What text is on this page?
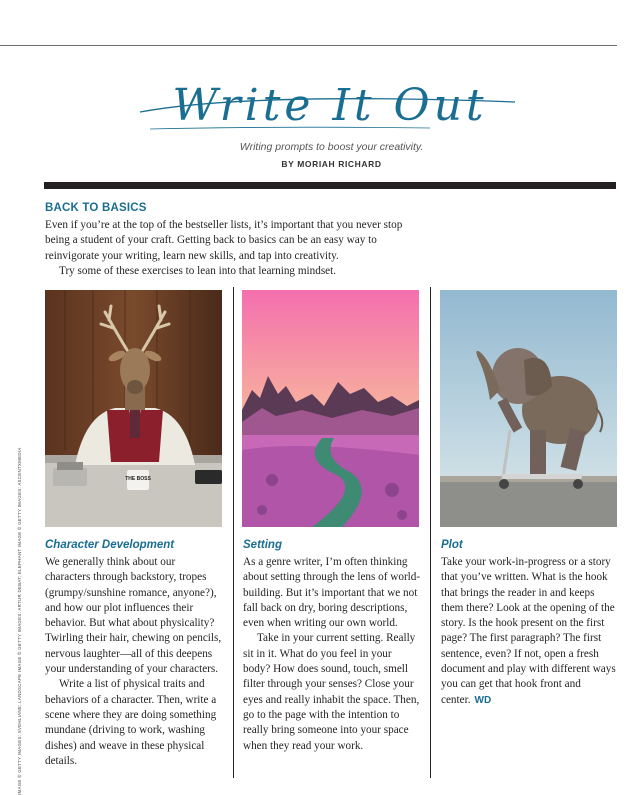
Write It Out
Writing prompts to boost your creativity.
BY MORIAH RICHARD
BACK TO BASICS

Even if you’re at the top of the bestseller lists, it’s important that you never stop being a student of your craft. Getting back to basics can be an easy way to reinvigorate your writing, learn new skills, and tap into creativity.

Try some of these exercises to lean into that learning mindset.

THE BOSS
Character Development

We generally think about our characters through backstory, tropes (grumpy/sunshine romance, anyone?), and how our plot influences their behavior. But what about physicality? Twirling their hair, chewing on pencils, nervous laughter—all of this deepens your understanding of your characters.

Write a list of physical traits and behaviors of a character. Then, write a scene where they are doing something mundane (driving to work, washing dishes) and weave in these physical details.

Setting

As a genre writer, I’m often thinking about setting through the lens of world-building. But it’s important that we not fall back on dry, boring descriptions, even when writing our own world.

Take in your current setting. Really sit in it. What do you feel in your body? How does sound, touch, smell filter through your senses? Close your eyes and really inhabit the space. Then, go to the page with the intention to really bring someone into your space when they read your work.

Plot

Take your work-in-progress or a story that you’ve written. What is the hook that brings the reader in and keeps them there? Look at the opening of the story. Is the hook present on the first page? The first paragraph? The first sentence, even? If not, open a fresh document and play with different ways you can get that hook front and center. WD

IMAGE © GETTY IMAGES: SVEHLIANE; LANDSCAPE IMAGE © GETTY IMAGES: ARTUR DEBAT; ELEPHANT IMAGE © GETTY IMAGES: ASCENTXMEDIA
